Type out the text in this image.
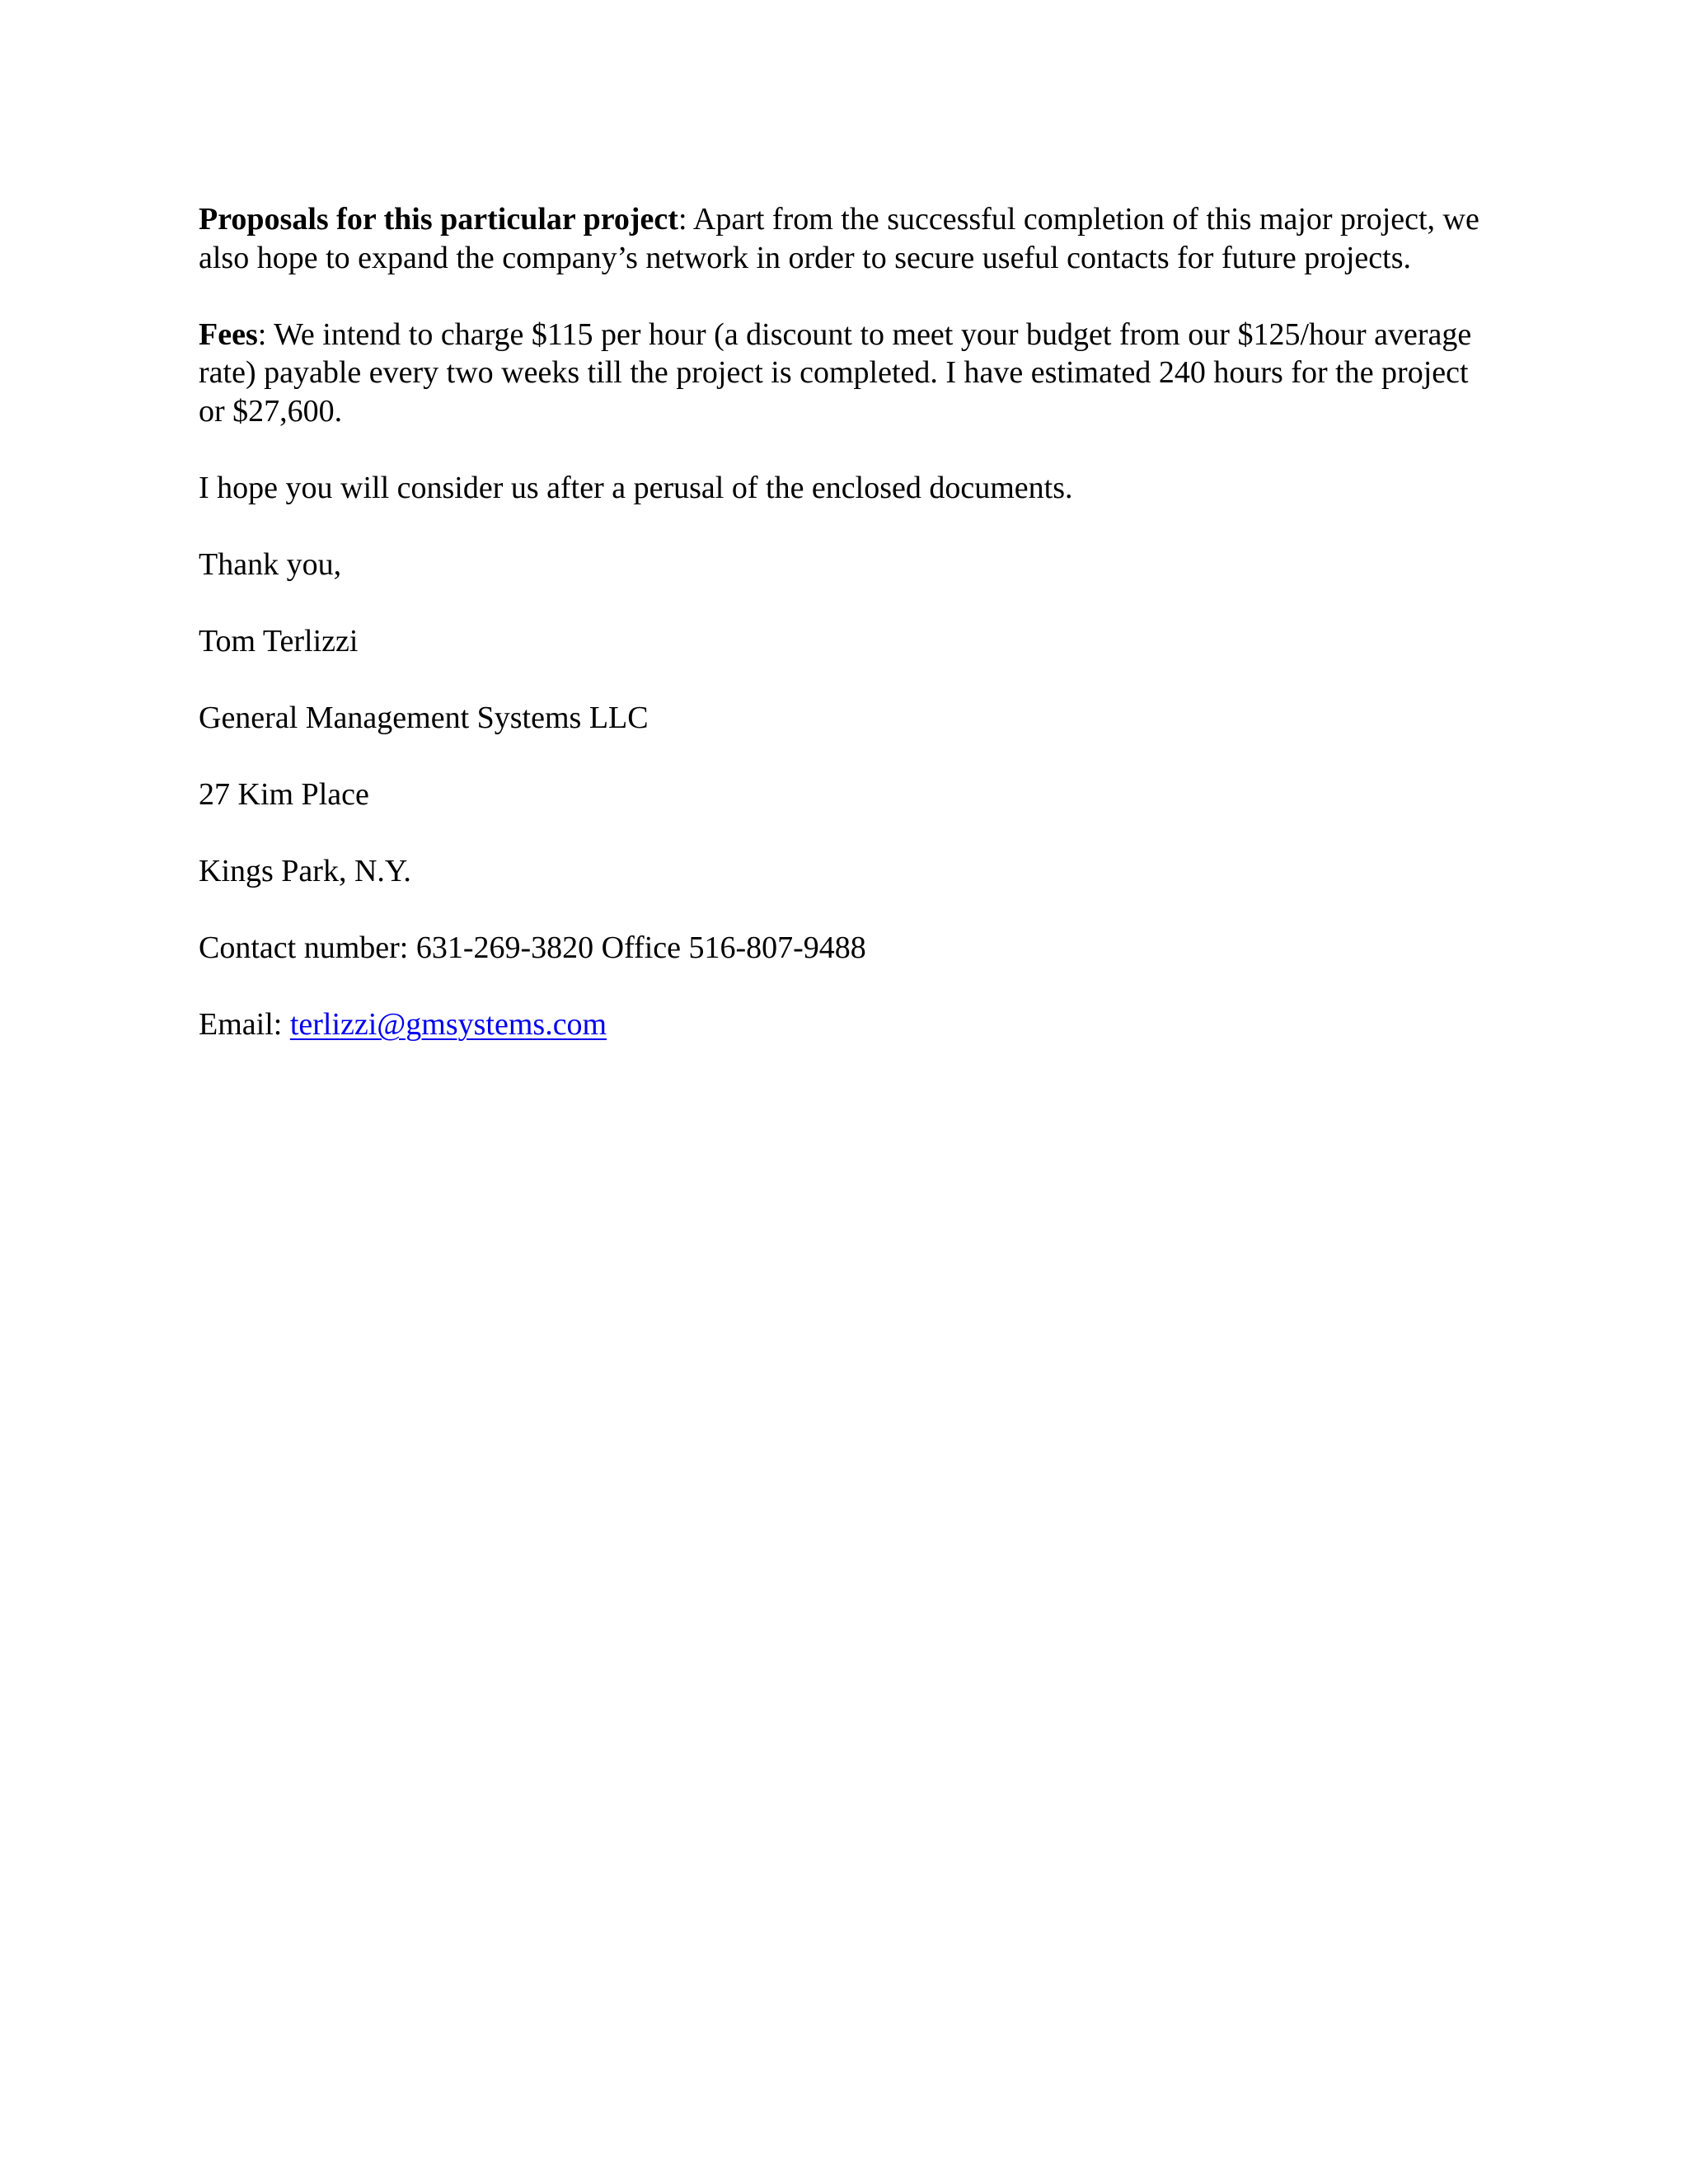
Proposals for this particular project: Apart from the successful completion of this major project, we also hope to expand the company’s network in order to secure useful contacts for future projects.

Fees: We intend to charge $115 per hour (a discount to meet your budget from our $125/hour average rate) payable every two weeks till the project is completed. I have estimated 240 hours for the project or $27,600.

I hope you will consider us after a perusal of the enclosed documents.

Thank you,

Tom Terlizzi

General Management Systems LLC

27 Kim Place

Kings Park, N.Y.

Contact number: 631-269-3820 Office 516-807-9488

Email: terlizzi@gmsystems.com
